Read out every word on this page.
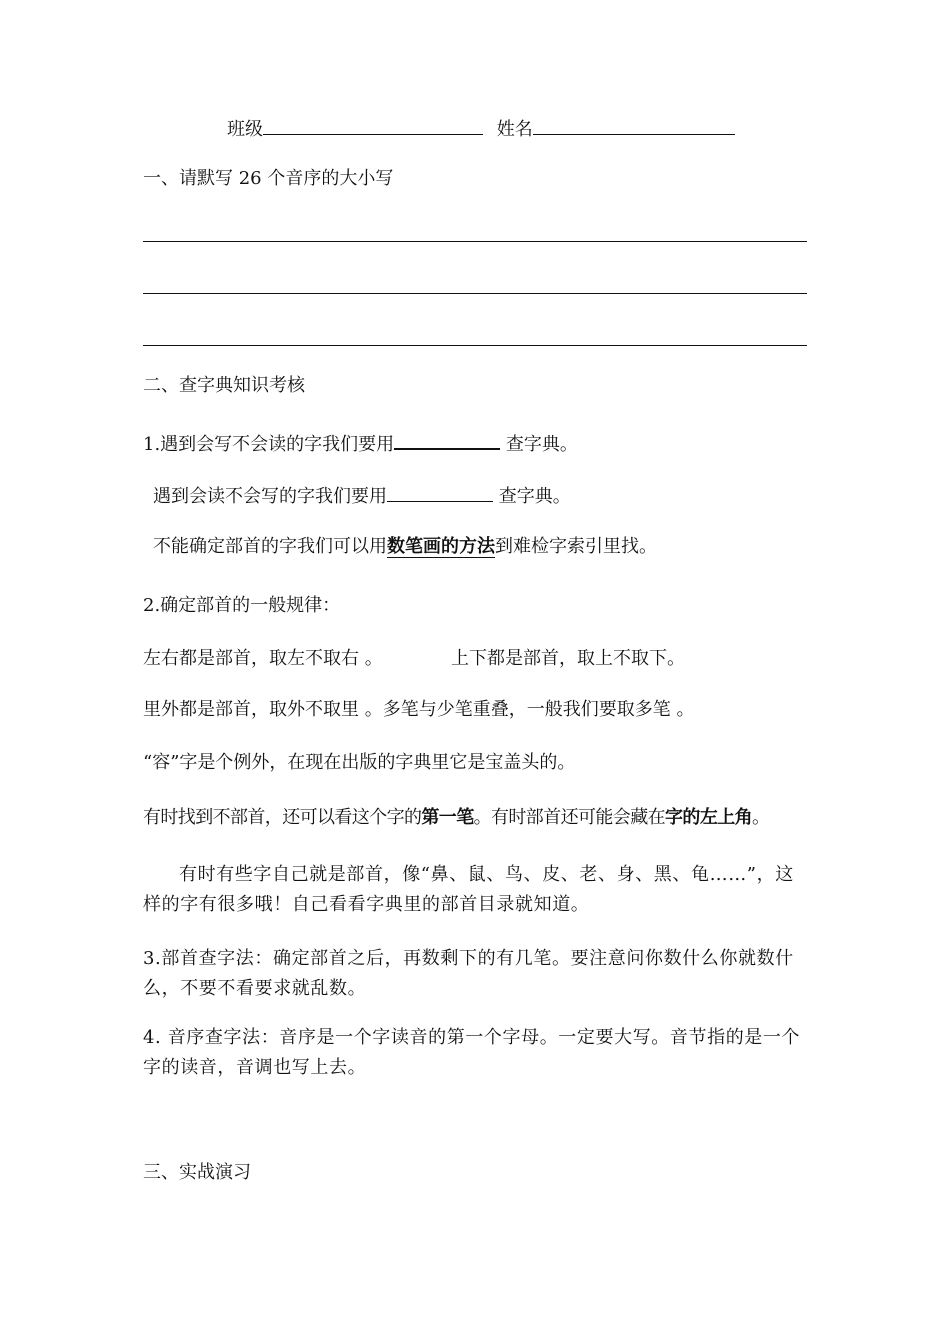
班级	姓名
一、请默写 26 个音序的大小写
二、查字典知识考核
1.遇到会写不会读的字我们要用	查字典。
遇到会读不会写的字我们要用	查字典。
不能确定部首的字我们可以用数笔画的方法到难检字索引里找。
2.确定部首的一般规律：
左右都是部首，取左不取右 。	上下都是部首，取上不取下。
里外都是部首，取外不取里 。多笔与少笔重叠，一般我们要取多笔 。
“容”字是个例外，在现在出版的字典里它是宝盖头的。
有时找到不部首，还可以看这个字的第一笔。有时部首还可能会藏在字的左上角。
有时有些字自己就是部首，像“鼻、鼠、鸟、皮、老、身、黑、龟……”，这样的字有很多哦！自己看看字典里的部首目录就知道。
3.部首查字法：确定部首之后，再数剩下的有几笔。要注意问你数什么你就数什么，不要不看要求就乱数。
4. 音序查字法：音序是一个字读音的第一个字母。一定要大写。音节指的是一个字的读音，音调也写上去。
三、实战演习
